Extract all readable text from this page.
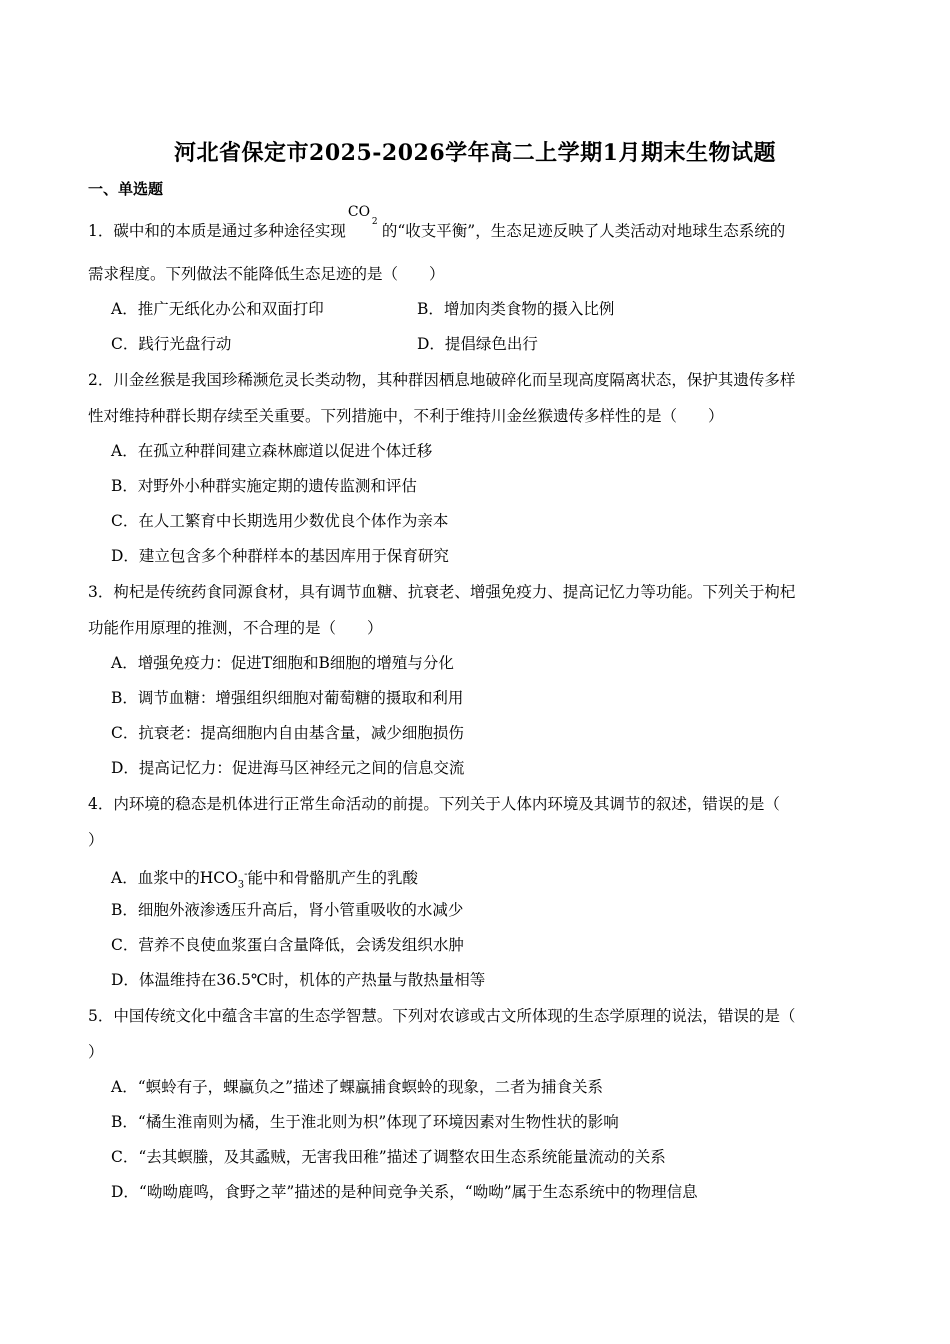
河北省保定市2025-2026学年高二上学期1月期末生物试题
一、单选题
1．碳中和的本质是通过多种途径实现
CO
2 的“收支平衡”，生态足迹反映了人类活动对地球生态系统的
需求程度。下列做法不能降低生态足迹的是（　　）
A．推广无纸化办公和双面打印	B．增加肉类食物的摄入比例
C．践行光盘行动	D．提倡绿色出行
2．川金丝猴是我国珍稀濒危灵长类动物，其种群因栖息地破碎化而呈现高度隔离状态，保护其遗传多样
性对维持种群长期存续至关重要。下列措施中，不利于维持川金丝猴遗传多样性的是（　　）
A．在孤立种群间建立森林廊道以促进个体迁移
B．对野外小种群实施定期的遗传监测和评估
C．在人工繁育中长期选用少数优良个体作为亲本
D．建立包含多个种群样本的基因库用于保育研究
3．枸杞是传统药食同源食材，具有调节血糖、抗衰老、增强免疫力、提高记忆力等功能。下列关于枸杞
功能作用原理的推测，不合理的是（　　）
A．增强免疫力：促进T细胞和B细胞的增殖与分化
B．调节血糖：增强组织细胞对葡萄糖的摄取和利用
C．抗衰老：提高细胞内自由基含量，减少细胞损伤
D．提高记忆力：促进海马区神经元之间的信息交流
4．内环境的稳态是机体进行正常生命活动的前提。下列关于人体内环境及其调节的叙述，错误的是（
）
A．血浆中的$HCO_3^-$能中和骨骼肌产生的乳酸
B．细胞外液渗透压升高后，肾小管重吸收的水减少
C．营养不良使血浆蛋白含量降低，会诱发组织水肿
D．体温维持在36.5℃时，机体的产热量与散热量相等
5．中国传统文化中蕴含丰富的生态学智慧。下列对农谚或古文所体现的生态学原理的说法，错误的是（
）
A．“螟蛉有子，蜾蠃负之”描述了蜾蠃捕食螟蛉的现象，二者为捕食关系
B．“橘生淮南则为橘，生于淮北则为枳”体现了环境因素对生物性状的影响
C．“去其螟螣，及其蟊贼，无害我田稚”描述了调整农田生态系统能量流动的关系
D．“呦呦鹿鸣，食野之苹”描述的是种间竞争关系，“呦呦”属于生态系统中的物理信息
